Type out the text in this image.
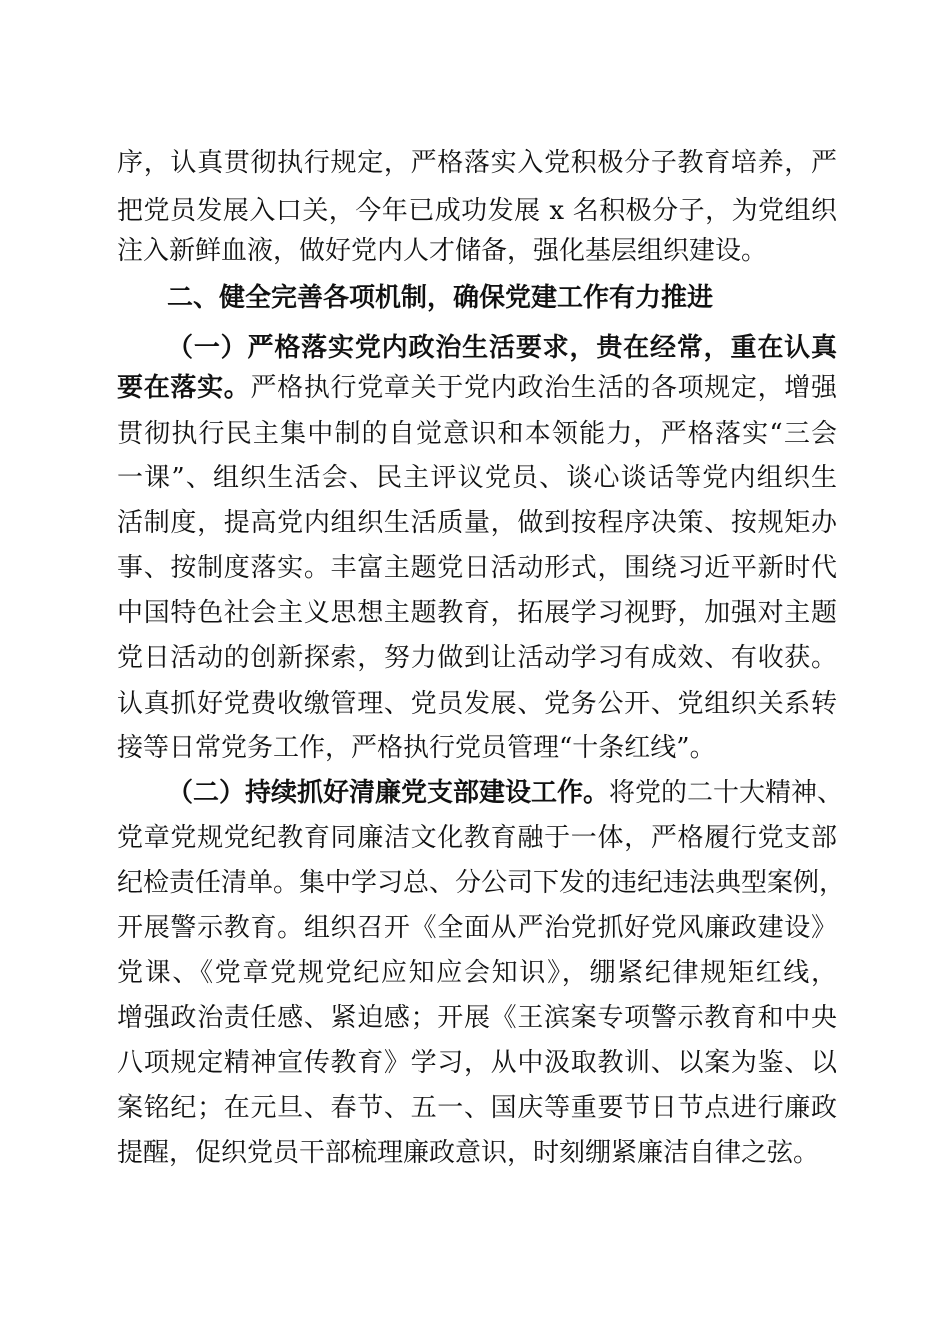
序，认真贯彻执行规定，严格落实入党积极分子教育培养，严
把党员发展入口关，今年已成功发展 x 名积极分子，为党组织
注入新鲜血液，做好党内人才储备，强化基层组织建设。
二、健全完善各项机制，确保党建工作有力推进
（一）严格落实党内政治生活要求，贵在经常，重在认真
要在落实。严格执行党章关于党内政治生活的各项规定，增强
贯彻执行民主集中制的自觉意识和本领能力，严格落实“三会
一课”、组织生活会、民主评议党员、谈心谈话等党内组织生
活制度，提高党内组织生活质量，做到按程序决策、按规矩办
事、按制度落实。丰富主题党日活动形式，围绕习近平新时代
中国特色社会主义思想主题教育，拓展学习视野，加强对主题
党日活动的创新探索，努力做到让活动学习有成效、有收获。
认真抓好党费收缴管理、党员发展、党务公开、党组织关系转
接等日常党务工作，严格执行党员管理“十条红线”。
（二）持续抓好清廉党支部建设工作。将党的二十大精神、
党章党规党纪教育同廉洁文化教育融于一体，严格履行党支部
纪检责任清单。集中学习总、分公司下发的违纪违法典型案例，
开展警示教育。组织召开《全面从严治党抓好党风廉政建设》
党课、《党章党规党纪应知应会知识》，绷紧纪律规矩红线，
增强政治责任感、紧迫感；开展《王滨案专项警示教育和中央
八项规定精神宣传教育》学习，从中汲取教训、以案为鉴、以
案铭纪；在元旦、春节、五一、国庆等重要节日节点进行廉政
提醒，促织党员干部梳理廉政意识，时刻绷紧廉洁自律之弦。
